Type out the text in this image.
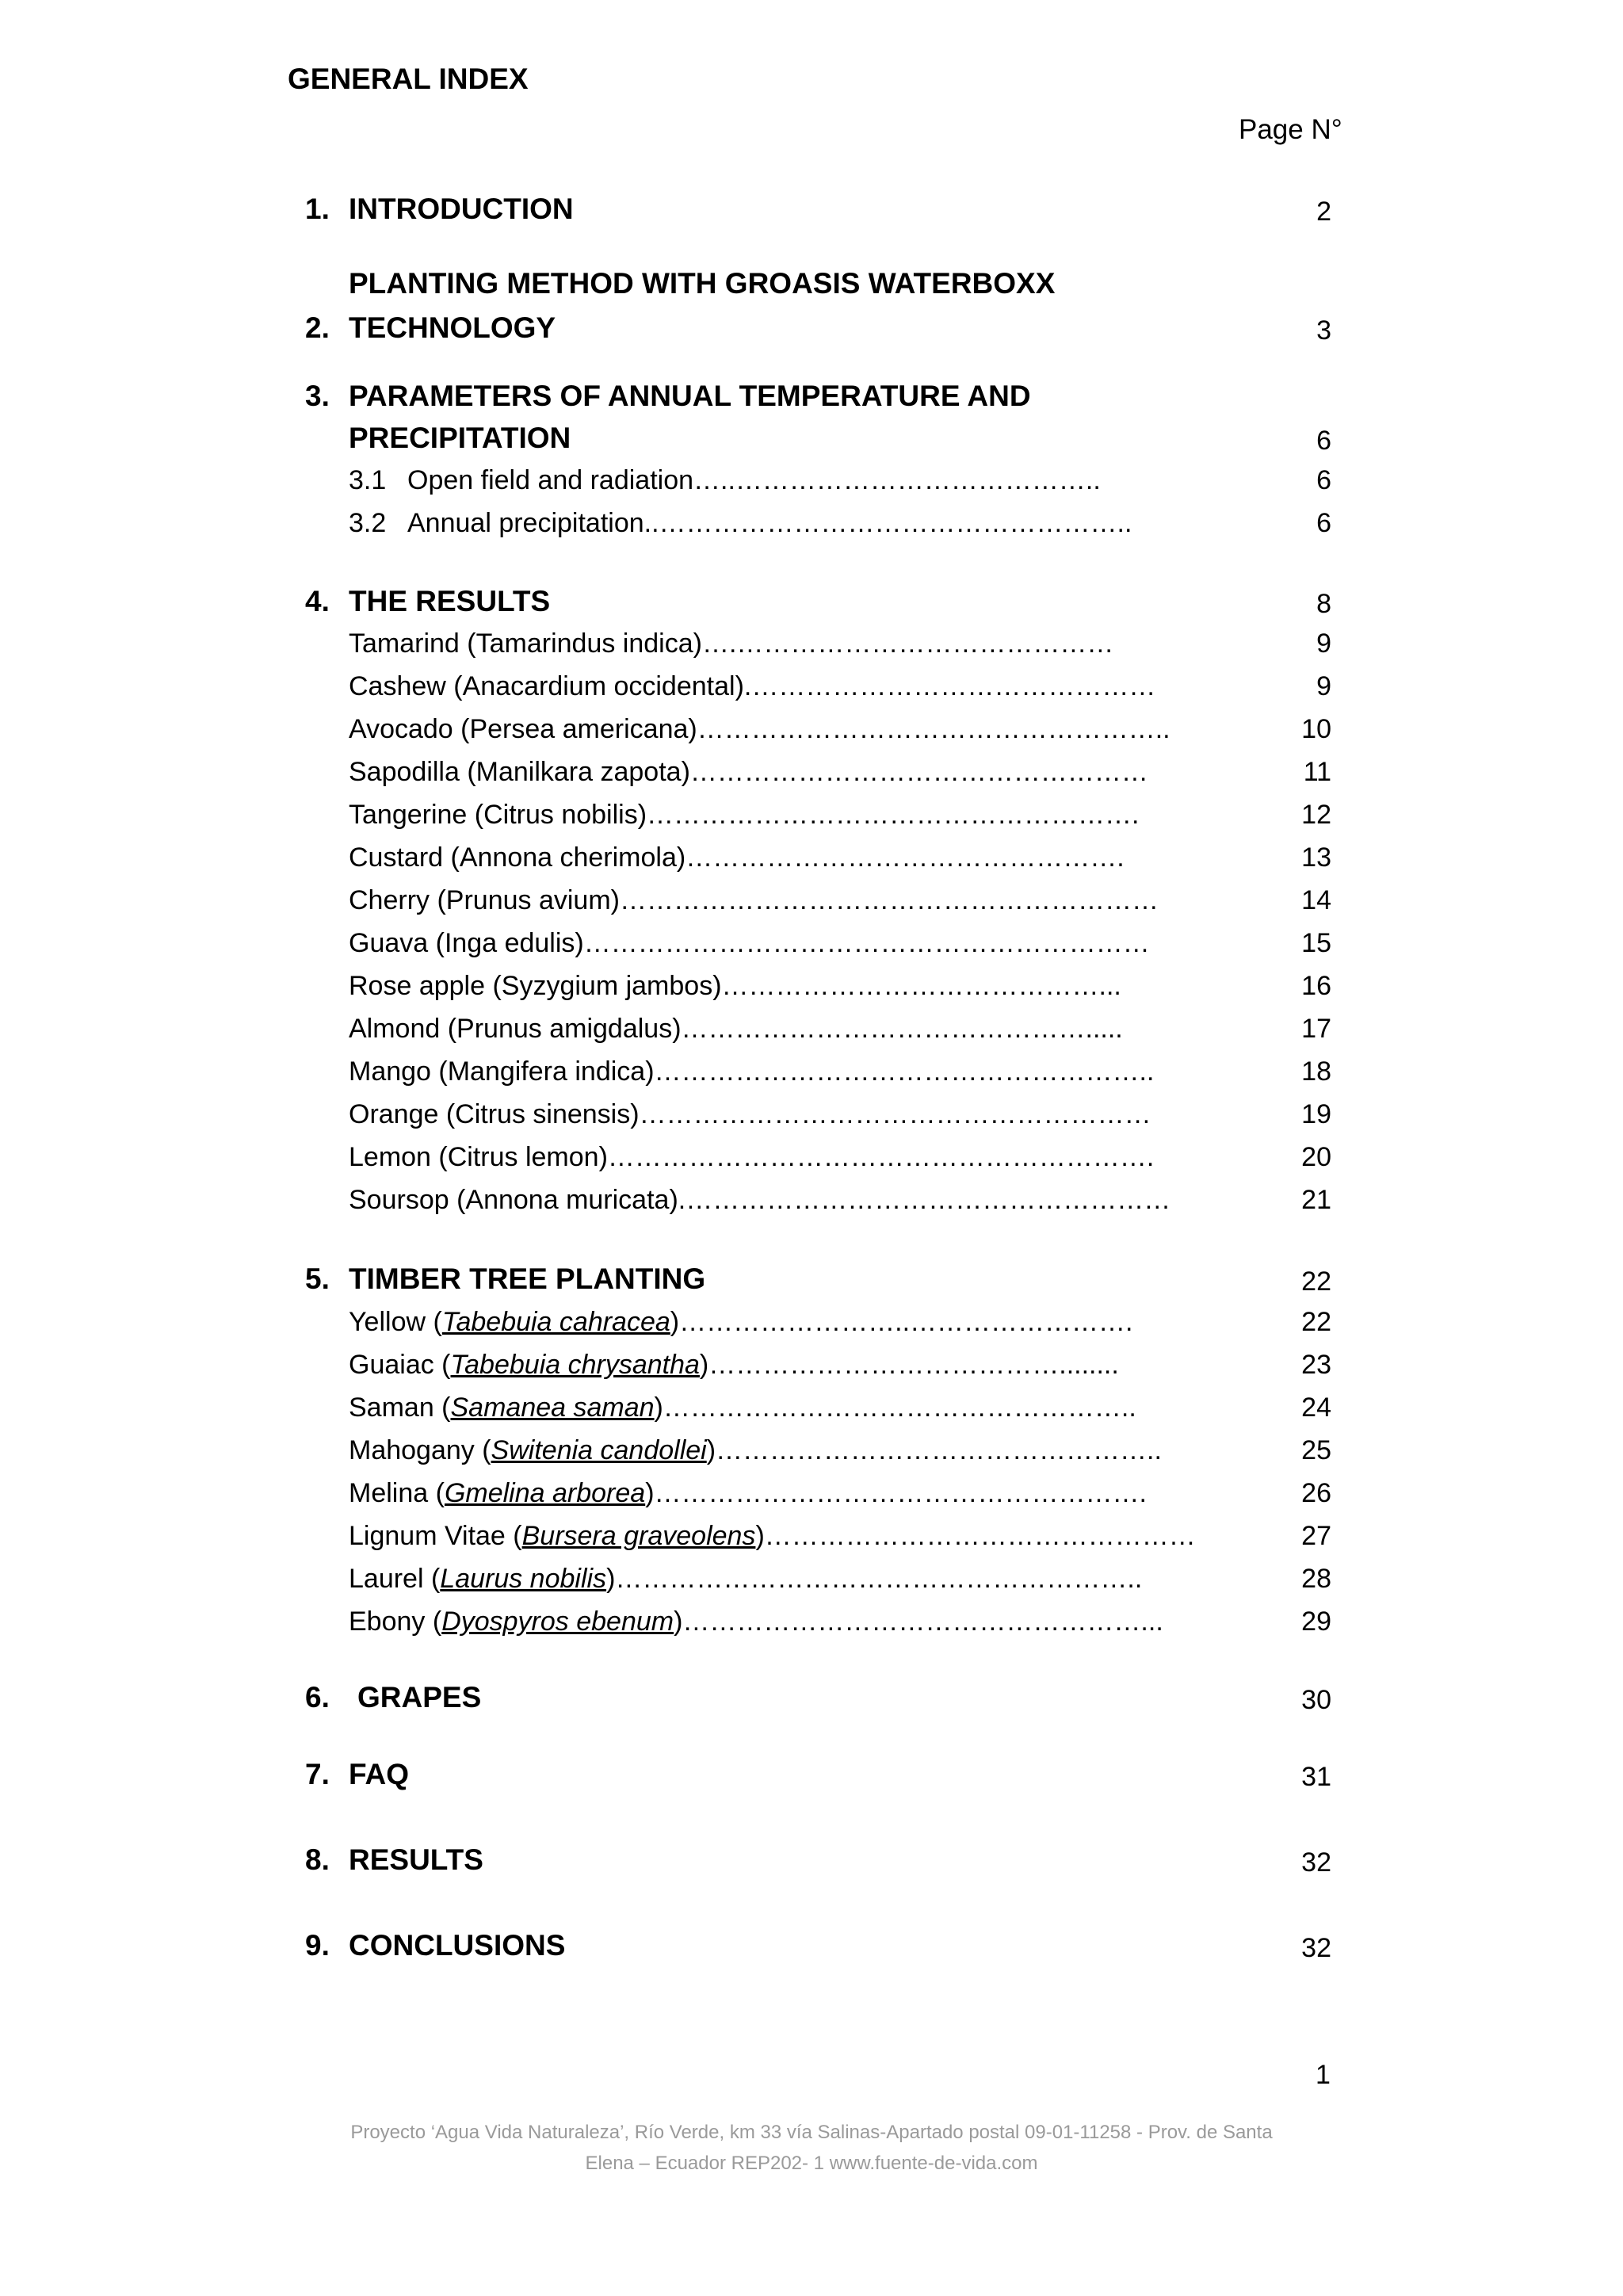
GENERAL INDEX
Page N°
1. INTRODUCTION	2
PLANTING METHOD WITH GROASIS WATERBOXX
2. TECHNOLOGY	3
3. PARAMETERS OF ANNUAL TEMPERATURE AND
PRECIPITATION	6
3.1 Open field and radiation…..…………………………………..	6
3.2 Annual precipitation..……………………………………………..	6
4. THE RESULTS	8
Tamarind (Tamarindus indica)….……………………………………	9
Cashew (Anacardium occidental).………………………………………	9
Avocado (Persea americana)……………………………………………..	10
Sapodilla (Manilkara zapota)……………………………………………	11
Tangerine (Citrus nobilis)……………………………………………….	12
Custard (Annona cherimola)………………………………………….	13
Cherry (Prunus avium)……………………………………………………	14
Guava (Inga edulis)………………………………………………………	15
Rose apple (Syzygium jambos)……………………………………...	16
Almond (Prunus amigdalus)……………………………………….....	17
Mango (Mangifera indica)………………………………………………..	18
Orange (Citrus sinensis)…………………………………………………	19
Lemon (Citrus lemon)…………………………………………………….	20
Soursop (Annona muricata).………………………………………………	21
5. TIMBER TREE PLANTING	22
Yellow (Tabebuia cahracea)……………………..…………………….	22
Guaiac (Tabebuia chrysantha)…………………………………........	23
Saman (Samanea saman)……………………………………………..	24
Mahogany (Switenia candollei)…………………………………………..	25
Melina (Gmelina arborea)……………………………………………….	26
Lignum Vitae (Bursera graveolens)…………………………………………	27
Laurel (Laurus nobilis)…………………………………………………..	28
Ebony (Dyospyros ebenum)……………………………………………...	29
6. GRAPES	30
7. FAQ	31
8. RESULTS	32
9. CONCLUSIONS	32
1
Proyecto ‘Agua Vida Naturaleza’, Río Verde, km 33 vía Salinas-Apartado postal 09-01-11258 - Prov. de Santa
Elena – Ecuador REP202- 1 www.fuente-de-vida.com
